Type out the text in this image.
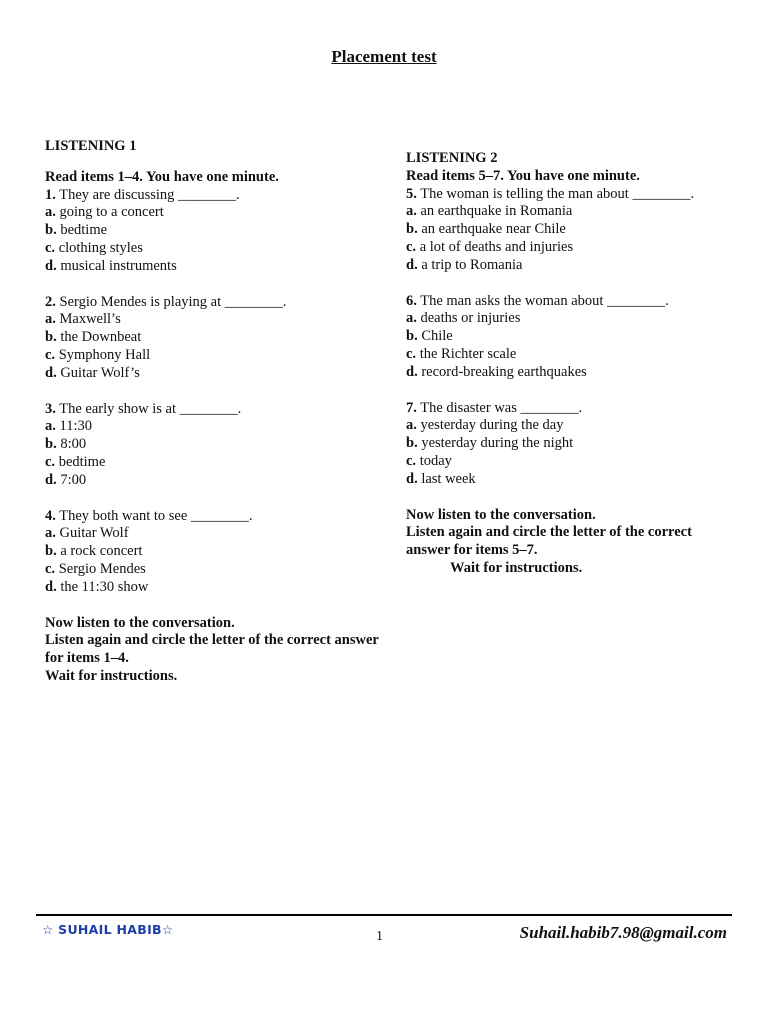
Placement test
LISTENING 1
Read items 1–4. You have one minute.
1. They are discussing ________.
a. going to a concert
b. bedtime
c. clothing styles
d. musical instruments
2. Sergio Mendes is playing at ________.
a. Maxwell’s
b. the Downbeat
c. Symphony Hall
d. Guitar Wolf’s
3. The early show is at ________.
a. 11:30
b. 8:00
c. bedtime
d. 7:00
4. They both want to see ________.
a. Guitar Wolf
b. a rock concert
c. Sergio Mendes
d. the 11:30 show
Now listen to the conversation.
Listen again and circle the letter of the correct answer for items 1–4.
Wait for instructions.
LISTENING 2
Read items 5–7. You have one minute.
5. The woman is telling the man about ________.
a. an earthquake in Romania
b. an earthquake near Chile
c. a lot of deaths and injuries
d. a trip to Romania
6. The man asks the woman about ________.
a. deaths or injuries
b. Chile
c. the Richter scale
d. record-breaking earthquakes
7. The disaster was ________.
a. yesterday during the day
b. yesterday during the night
c. today
d. last week
Now listen to the conversation.
Listen again and circle the letter of the correct answer for items 5–7.
Wait for instructions.
☆ SUHAIL HABIB☆	1	Suhail.habib7.98@gmail.com
